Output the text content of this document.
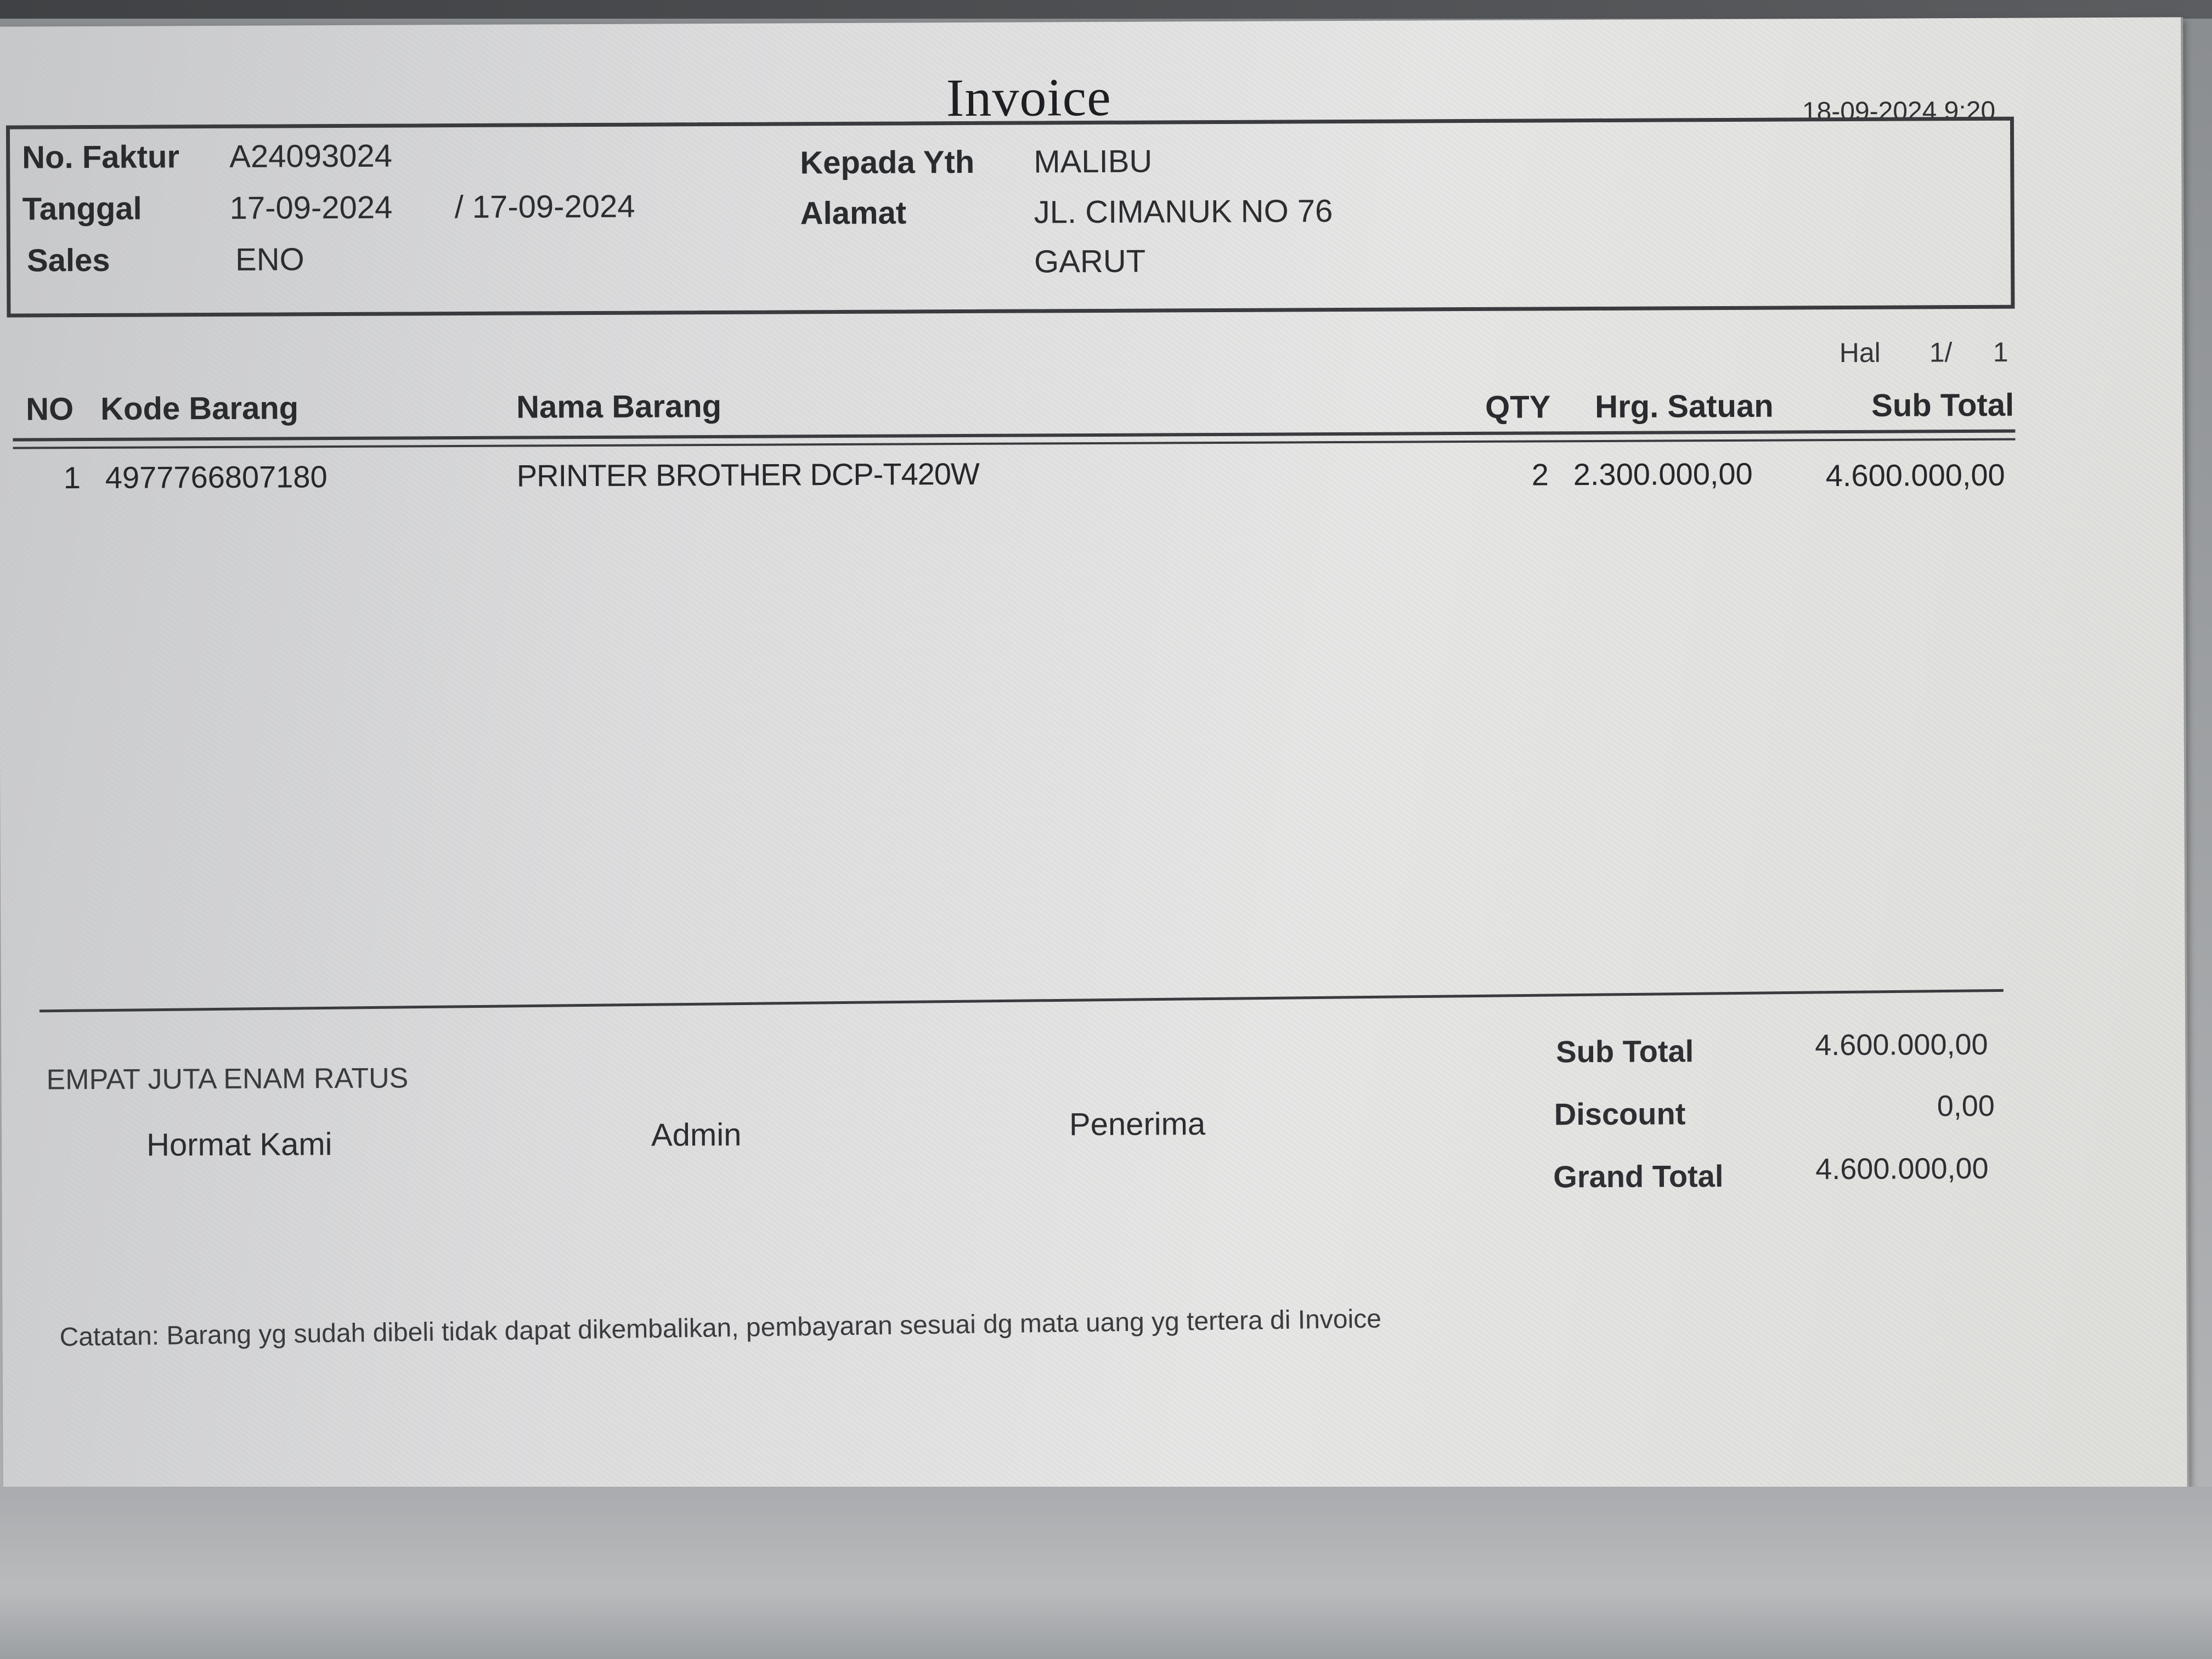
Invoice	18-09-2024 9:20
No. Faktur A24093024
Tanggal	17-09-2024 / 17-09-2024
Sales	ENO
Kepada Yth MALIBU
Alamat	JL. CIMANUK NO 76
GARUT
Hal 1/ 1
NO Kode Barang	Nama Barang	QTY Hrg. Satuan	Sub Total
1 4977766807180	PRINTER BROTHER DCP-T420W	2 2.300.000,00 4.600.000,00
EMPAT JUTA ENAM RATUS
Hormat Kami	Admin	Penerima
Sub Total	4.600.000,00
Discount	0,00
Grand Total	4.600.000,00
Catatan: Barang yg sudah dibeli tidak dapat dikembalikan, pembayaran sesuai dg mata uang yg tertera di Invoice
